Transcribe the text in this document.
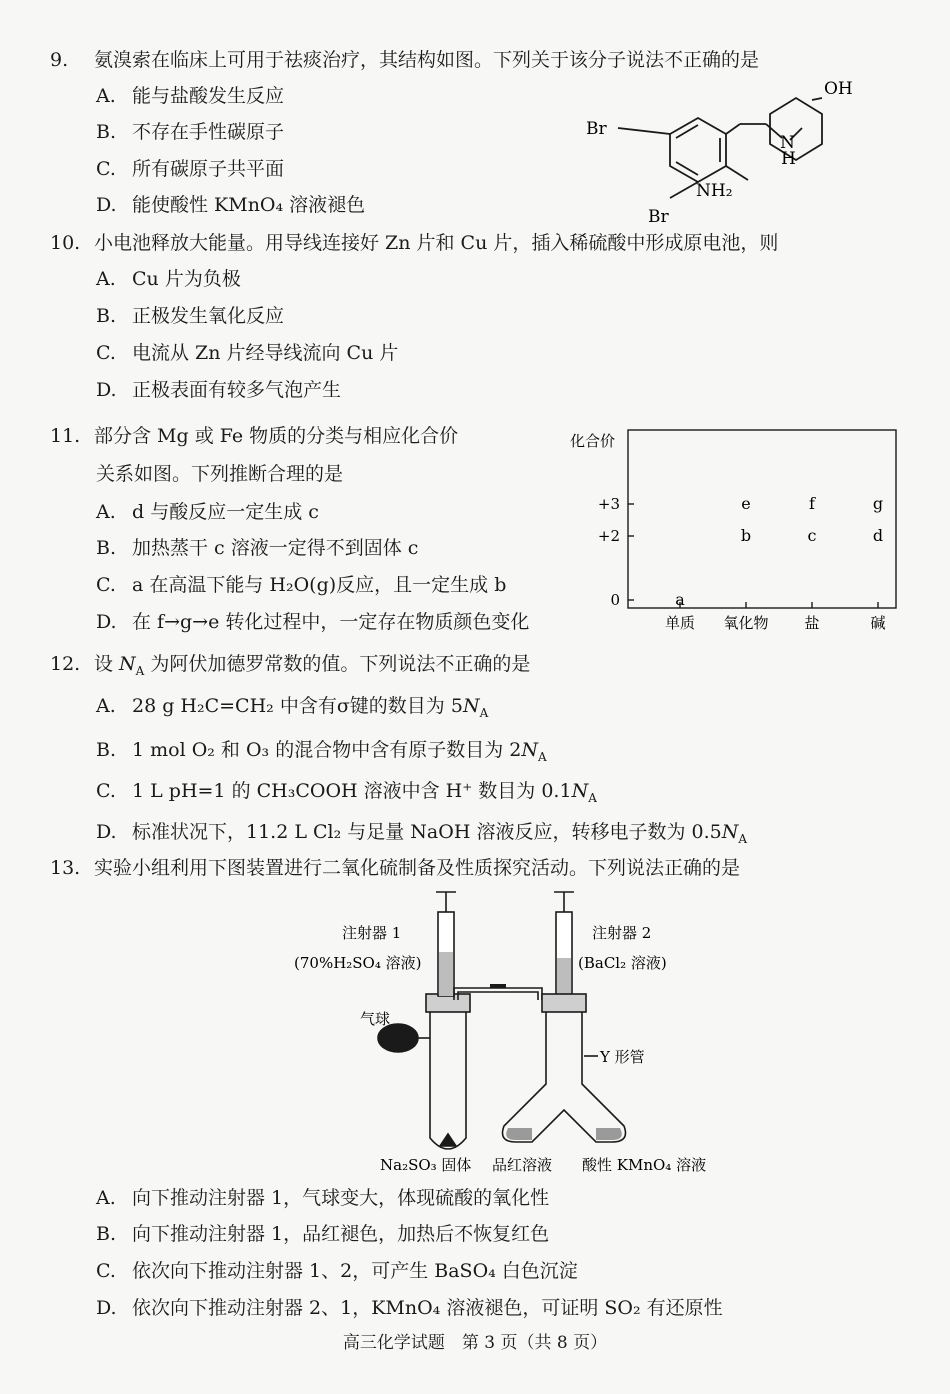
9. 氨溴索在临床上可用于祛痰治疗，其结构如图。下列关于该分子说法不正确的是
A. 能与盐酸发生反应
B. 不存在手性碳原子
C. 所有碳原子共平面
D. 能使酸性 KMnO₄ 溶液褪色
Br
Br
N
H
NH₂
OH
10. 小电池释放大能量。用导线连接好 Zn 片和 Cu 片，插入稀硫酸中形成原电池，则
A. Cu 片为负极
B. 正极发生氧化反应
C. 电流从 Zn 片经导线流向 Cu 片
D. 正极表面有较多气泡产生
11. 部分含 Mg 或 Fe 物质的分类与相应化合价
关系如图。下列推断合理的是
A. d 与酸反应一定生成 c
B. 加热蒸干 c 溶液一定得不到固体 c
C. a 在高温下能与 H₂O(g)反应，且一定生成 b
D. 在 f→g→e 转化过程中，一定存在物质颜色变化
化合价
+3
+2
0
单质 氧化物 盐	碱
a
b	c	d
e	f	g
12. 设 $N_A$ 为阿伏加德罗常数的值。下列说法不正确的是
A. 28 g H₂C=CH₂ 中含有σ键的数目为 $5N_A$
B. 1 mol O₂ 和 O₃ 的混合物中含有原子数目为 $2N_A$
C. 1 L pH=1 的 CH₃COOH 溶液中含 H⁺ 数目为 $0.1N_A$
D. 标准状况下，11.2 L Cl₂ 与足量 NaOH 溶液反应，转移电子数为 $0.5N_A$
13. 实验小组利用下图装置进行二氧化硫制备及性质探究活动。下列说法正确的是
注射器 1
(70%H₂SO₄ 溶液)
注射器 2
(BaCl₂ 溶液)
气球
Y 形管
Na₂SO₃ 固体 品红溶液 酸性 KMnO₄ 溶液
A. 向下推动注射器 1，气球变大，体现硫酸的氧化性
B. 向下推动注射器 1，品红褪色，加热后不恢复红色
C. 依次向下推动注射器 1、2，可产生 BaSO₄ 白色沉淀
D. 依次向下推动注射器 2、1，KMnO₄ 溶液褪色，可证明 SO₂ 有还原性
高三化学试题　第 3 页（共 8 页）
